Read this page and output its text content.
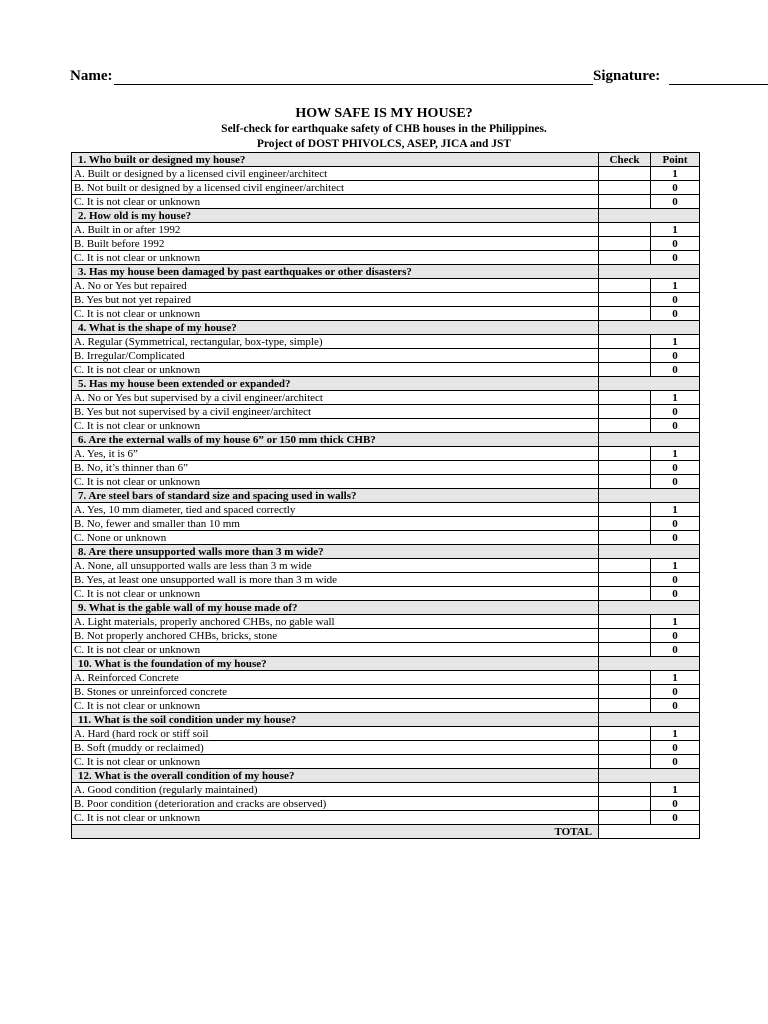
Name:	Signature:
HOW SAFE IS MY HOUSE?
Self-check for earthquake safety of CHB houses in the Philippines.
Project of DOST PHIVOLCS, ASEP, JICA and JST
1. Who built or designed my house?	Check	Point
A. Built or designed by a licensed civil engineer/architect		1
B. Not built or designed by a licensed civil engineer/architect		0
C. It is not clear or unknown		0
2. How old is my house?		
A. Built in or after 1992		1
B. Built before 1992		0
C. It is not clear or unknown		0
3. Has my house been damaged by past earthquakes or other disasters?		
A. No or Yes but repaired		1
B. Yes but not yet repaired		0
C. It is not clear or unknown		0
4. What is the shape of my house?		
A. Regular (Symmetrical, rectangular, box-type, simple)		1
B. Irregular/Complicated		0
C. It is not clear or unknown		0
5. Has my house been extended or expanded?		
A. No or Yes but supervised by a civil engineer/architect		1
B. Yes but not supervised by a civil engineer/architect		0
C. It is not clear or unknown		0
6. Are the external walls of my house 6” or 150 mm thick CHB?		
A. Yes, it is 6”		1
B. No, it’s thinner than 6”		0
C. It is not clear or unknown		0
7. Are steel bars of standard size and spacing used in walls?		
A. Yes, 10 mm diameter, tied and spaced correctly		1
B. No, fewer and smaller than 10 mm		0
C. None or unknown		0
8. Are there unsupported walls more than 3 m wide?		
A. None, all unsupported walls are less than 3 m wide		1
B. Yes, at least one unsupported wall is more than 3 m wide		0
C. It is not clear or unknown		0
9. What is the gable wall of my house made of?		
A. Light materials, properly anchored CHBs, no gable wall		1
B. Not properly anchored CHBs, bricks, stone		0
C. It is not clear or unknown		0
10. What is the foundation of my house?		
A. Reinforced Concrete		1
B. Stones or unreinforced concrete		0
C. It is not clear or unknown		0
11. What is the soil condition under my house?		
A. Hard (hard rock or stiff soil		1
B. Soft (muddy or reclaimed)		0
C. It is not clear or unknown		0
12. What is the overall condition of my house?		
A. Good condition (regularly maintained)		1
B. Poor condition (deterioration and cracks are observed)		0
C. It is not clear or unknown		0
TOTAL		
